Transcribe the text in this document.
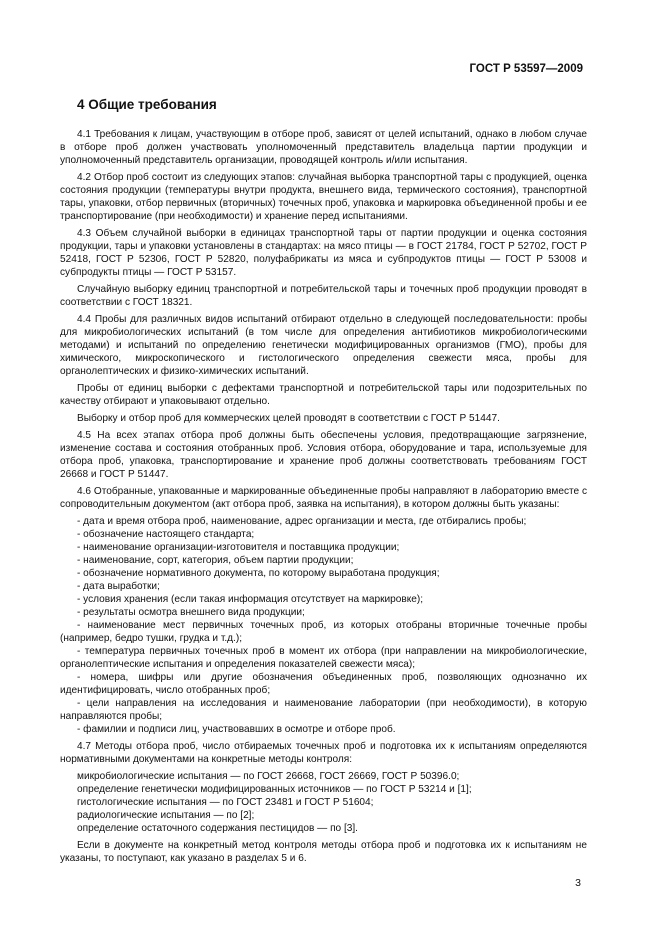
ГОСТ Р 53597—2009
4 Общие требования

4.1 Требования к лицам, участвующим в отборе проб, зависят от целей испытаний, однако в любом случае в отборе проб должен участвовать уполномоченный представитель владельца партии продукции и уполномоченный представитель организации, проводящей контроль и/или испытания.

4.2 Отбор проб состоит из следующих этапов: случайная выборка транспортной тары с продукцией, оценка состояния продукции (температуры внутри продукта, внешнего вида, термического состояния), транспортной тары, упаковки, отбор первичных (вторичных) точечных проб, упаковка и маркировка объединенной пробы и ее транспортирование (при необходимости) и хранение перед испытаниями.

4.3 Объем случайной выборки в единицах транспортной тары от партии продукции и оценка состояния продукции, тары и упаковки установлены в стандартах: на мясо птицы — в ГОСТ 21784, ГОСТ Р 52702, ГОСТ Р 52418, ГОСТ Р 52306, ГОСТ Р 52820, полуфабрикаты из мяса и субпродуктов птицы — ГОСТ Р 53008 и субпродукты птицы — ГОСТ Р 53157.

Случайную выборку единиц транспортной и потребительской тары и точечных проб продукции проводят в соответствии с ГОСТ 18321.

4.4 Пробы для различных видов испытаний отбирают отдельно в следующей последовательности: пробы для микробиологических испытаний (в том числе для определения антибиотиков микробиологическими методами) и испытаний по определению генетически модифицированных организмов (ГМО), пробы для химического, микроскопического и гистологического определения свежести мяса, пробы для органолептических и физико-химических испытаний.

Пробы от единиц выборки с дефектами транспортной и потребительской тары или подозрительных по качеству отбирают и упаковывают отдельно.

Выборку и отбор проб для коммерческих целей проводят в соответствии с ГОСТ Р 51447.

4.5 На всех этапах отбора проб должны быть обеспечены условия, предотвращающие загрязнение, изменение состава и состояния отобранных проб. Условия отбора, оборудование и тара, используемые для отбора проб, упаковка, транспортирование и хранение проб должны соответствовать требованиям ГОСТ 26668 и ГОСТ Р 51447.

4.6 Отобранные, упакованные и маркированные объединенные пробы направляют в лабораторию вместе с сопроводительным документом (акт отбора проб, заявка на испытания), в котором должны быть указаны:

- дата и время отбора проб, наименование, адрес организации и места, где отбирались пробы;

- обозначение настоящего стандарта;

- наименование организации-изготовителя и поставщика продукции;

- наименование, сорт, категория, объем партии продукции;

- обозначение нормативного документа, по которому выработана продукция;

- дата выработки;

- условия хранения (если такая информация отсутствует на маркировке);

- результаты осмотра внешнего вида продукции;

- наименование мест первичных точечных проб, из которых отобраны вторичные точечные пробы (например, бедро тушки, грудка и т.д.);

- температура первичных точечных проб в момент их отбора (при направлении на микробиологические, органолептические испытания и определения показателей свежести мяса);

- номера, шифры или другие обозначения объединенных проб, позволяющих однозначно их идентифицировать, число отобранных проб;

- цели направления на исследования и наименование лаборатории (при необходимости), в которую направляются пробы;

- фамилии и подписи лиц, участвовавших в осмотре и отборе проб.

4.7 Методы отбора проб, число отбираемых точечных проб и подготовка их к испытаниям определяются нормативными документами на конкретные методы контроля:

микробиологические испытания — по ГОСТ 26668, ГОСТ 26669, ГОСТ Р 50396.0;

определение генетически модифицированных источников — по ГОСТ Р 53214 и [1];

гистологические испытания — по ГОСТ 23481 и ГОСТ Р 51604;

радиологические испытания — по [2];

определение остаточного содержания пестицидов — по [3].

Если в документе на конкретный метод контроля методы отбора проб и подготовка их к испытаниям не указаны, то поступают, как указано в разделах 5 и 6.

3
